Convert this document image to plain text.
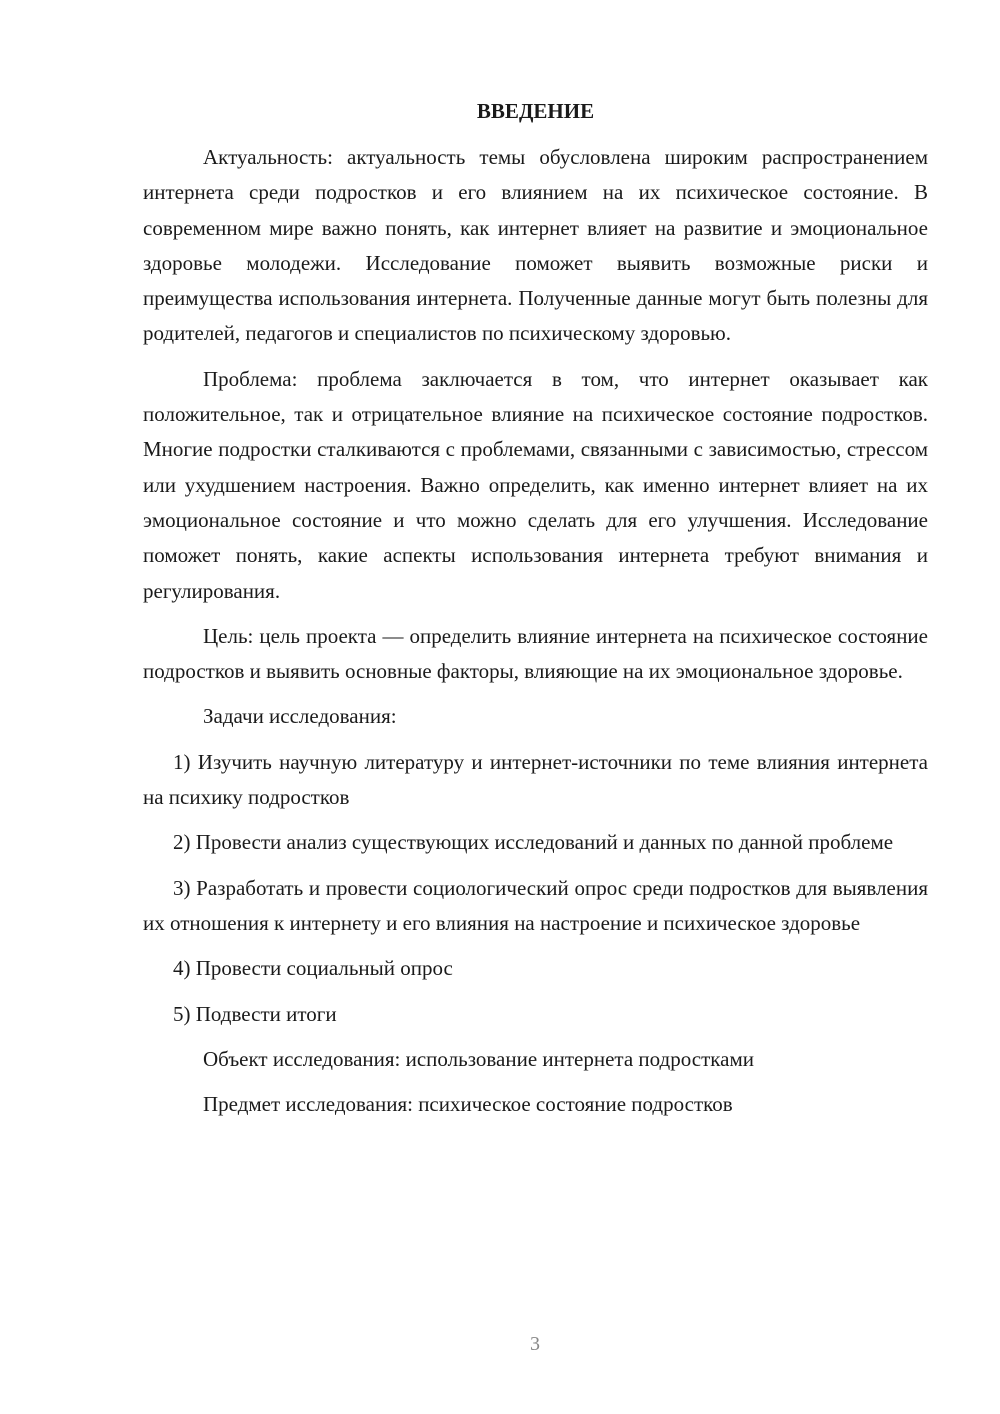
ВВЕДЕНИЕ

Актуальность: актуальность темы обусловлена широким распространением интернета среди подростков и его влиянием на их психическое состояние. В современном мире важно понять, как интернет влияет на развитие и эмоциональное здоровье молодежи. Исследование поможет выявить возможные риски и преимущества использования интернета. Полученные данные могут быть полезны для родителей, педагогов и специалистов по психическому здоровью.

Проблема: проблема заключается в том, что интернет оказывает как положительное, так и отрицательное влияние на психическое состояние подростков. Многие подростки сталкиваются с проблемами, связанными с зависимостью, стрессом или ухудшением настроения. Важно определить, как именно интернет влияет на их эмоциональное состояние и что можно сделать для его улучшения. Исследование поможет понять, какие аспекты использования интернета требуют внимания и регулирования.

Цель: цель проекта — определить влияние интернета на психическое состояние подростков и выявить основные факторы, влияющие на их эмоциональное здоровье.

Задачи исследования:

1) Изучить научную литературу и интернет-источники по теме влияния интернета на психику подростков

2) Провести анализ существующих исследований и данных по данной проблеме

3) Разработать и провести социологический опрос среди подростков для выявления их отношения к интернету и его влияния на настроение и психическое здоровье

4) Провести социальный опрос

5) Подвести итоги

Объект исследования: использование интернета подростками

Предмет исследования: психическое состояние подростков

3
